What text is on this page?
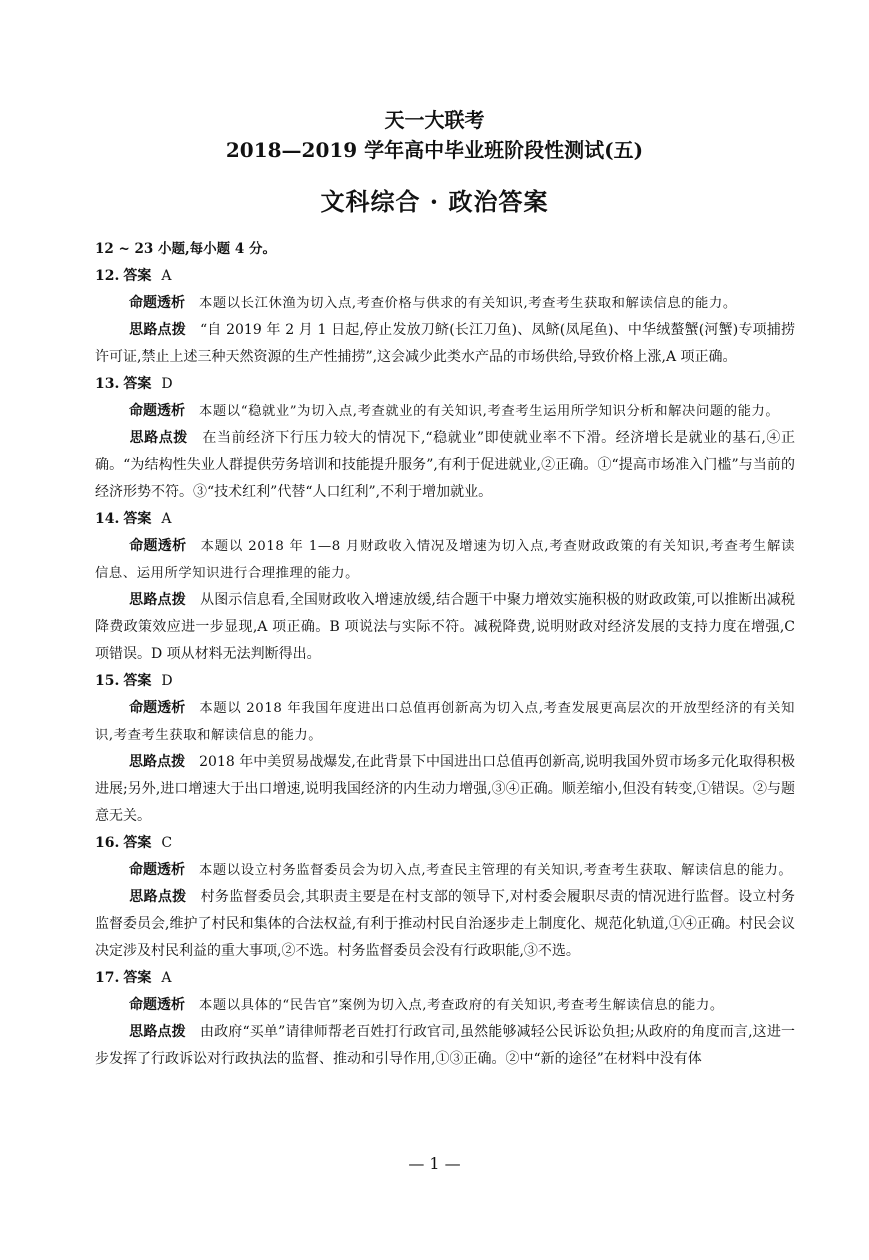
天一大联考
2018—2019 学年高中毕业班阶段性测试(五)
文科综合 · 政治答案
12 ~ 23 小题,每小题 4 分。
12. 答案 A
命题透析 本题以长江休渔为切入点,考查价格与供求的有关知识,考查考生获取和解读信息的能力。
思路点拨 “自 2019 年 2 月 1 日起,停止发放刀鲚(长江刀鱼)、凤鲚(凤尾鱼)、中华绒螯蟹(河蟹)专项捕捞许可证,禁止上述三种天然资源的生产性捕捞”,这会减少此类水产品的市场供给,导致价格上涨,A 项正确。
13. 答案 D
命题透析 本题以“稳就业”为切入点,考查就业的有关知识,考查考生运用所学知识分析和解决问题的能力。
思路点拨 在当前经济下行压力较大的情况下,“稳就业”即使就业率不下滑。经济增长是就业的基石,④正确。“为结构性失业人群提供劳务培训和技能提升服务”,有利于促进就业,②正确。①“提高市场准入门槛”与当前的经济形势不符。③“技术红利”代替“人口红利”,不利于增加就业。
14. 答案 A
命题透析 本题以 2018 年 1—8 月财政收入情况及增速为切入点,考查财政政策的有关知识,考查考生解读信息、运用所学知识进行合理推理的能力。
思路点拨 从图示信息看,全国财政收入增速放缓,结合题干中聚力增效实施积极的财政政策,可以推断出减税降费政策效应进一步显现,A 项正确。B 项说法与实际不符。减税降费,说明财政对经济发展的支持力度在增强,C 项错误。D 项从材料无法判断得出。
15. 答案 D
命题透析 本题以 2018 年我国年度进出口总值再创新高为切入点,考查发展更高层次的开放型经济的有关知识,考查考生获取和解读信息的能力。
思路点拨 2018 年中美贸易战爆发,在此背景下中国进出口总值再创新高,说明我国外贸市场多元化取得积极进展;另外,进口增速大于出口增速,说明我国经济的内生动力增强,③④正确。顺差缩小,但没有转变,①错误。②与题意无关。
16. 答案 C
命题透析 本题以设立村务监督委员会为切入点,考查民主管理的有关知识,考查考生获取、解读信息的能力。
思路点拨 村务监督委员会,其职责主要是在村支部的领导下,对村委会履职尽责的情况进行监督。设立村务监督委员会,维护了村民和集体的合法权益,有利于推动村民自治逐步走上制度化、规范化轨道,①④正确。村民会议决定涉及村民利益的重大事项,②不选。村务监督委员会没有行政职能,③不选。
17. 答案 A
命题透析 本题以具体的“民告官”案例为切入点,考查政府的有关知识,考查考生解读信息的能力。
思路点拨 由政府“买单”请律师帮老百姓打行政官司,虽然能够减轻公民诉讼负担;从政府的角度而言,这进一步发挥了行政诉讼对行政执法的监督、推动和引导作用,①③正确。②中“新的途径”在材料中没有体
— 1 —
